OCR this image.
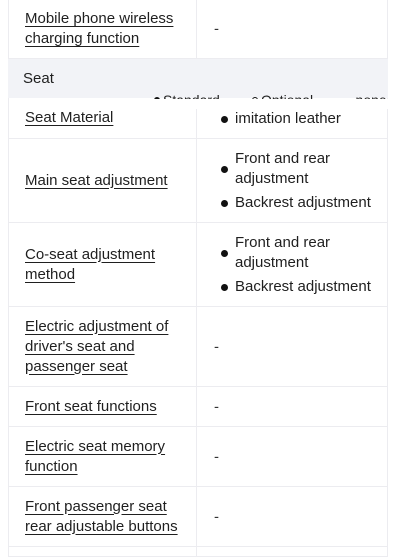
Mobile phone wireless charging function
-
Seat
Seat Material	imitation leather
Main seat adjustment
Front and rear adjustment
Backrest adjustment
Co-seat adjustment method
Front and rear adjustment
Backrest adjustment
Electric adjustment of driver's seat and passenger seat
-
Front seat functions	-
Electric seat memory function
-
Front passenger seat rear adjustable buttons
-
